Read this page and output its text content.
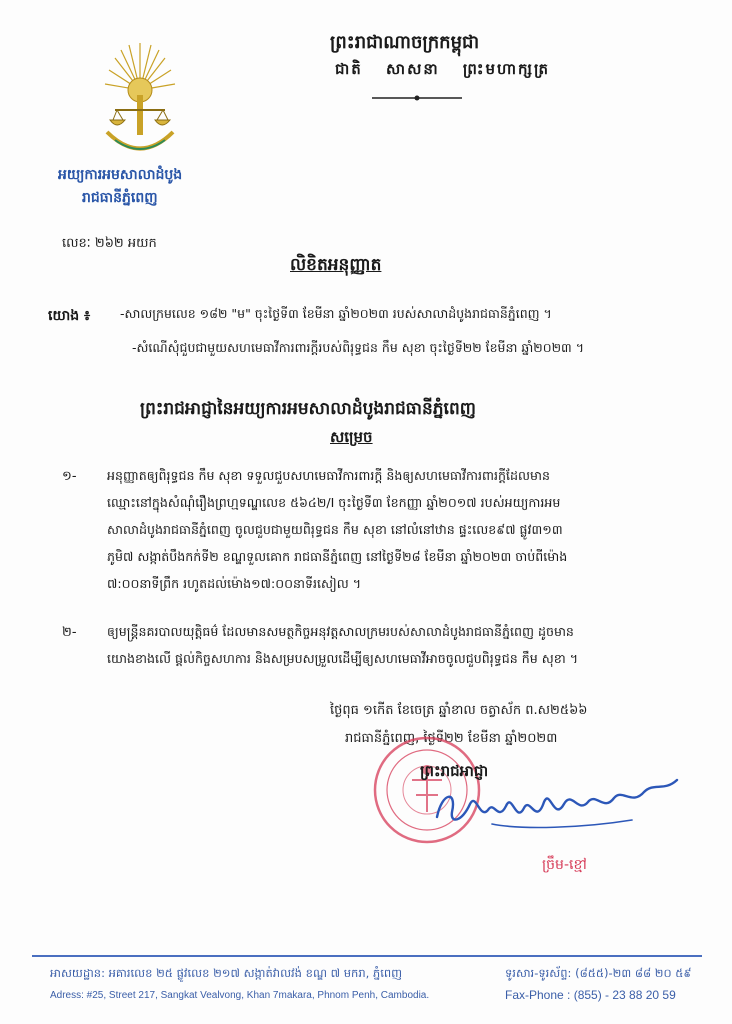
ព្រះរាជាណាចក្រកម្ពុជា
ជាតិ សាសនា ព្រះមហាក្សត្រ
អយ្យការអមសាលាដំបូង
រាជធានីភ្នំពេញ
លេខៈ ២៦២ អយក
លិខិតអនុញ្ញាត
យោង ៖ -សាលក្រមលេខ ១៨២ "ម" ចុះថ្ងៃទី៣ ខែមីនា ឆ្នាំ២០២៣ របស់សាលាដំបូងរាជធានីភ្នំពេញ ។
-សំណើសុំជួបជាមួយសហមេធាវីការពារក្តីរបស់ពិរុទ្ធជន កឹម សុខា ចុះថ្ងៃទី២២ ខែមីនា ឆ្នាំ២០២៣ ។
ព្រះរាជអាជ្ញានៃអយ្យការអមសាលាដំបូងរាជធានីភ្នំពេញ
សម្រេច
១- អនុញ្ញាតឲ្យពិរុទ្ធជន កឹម សុខា ទទួលជួបសហមេធាវីការពារក្តី និងឲ្យសហមេធាវីការពារក្តីដែលមាន
ឈ្មោះនៅក្នុងសំណុំរឿងព្រហ្មទណ្ឌលេខ ៥៦៤២/I ចុះថ្ងៃទី៣ ខែកញ្ញា ឆ្នាំ២០១៧ របស់អយ្យការអម
សាលាដំបូងរាជធានីភ្នំពេញ ចូលជួបជាមួយពិរុទ្ធជន កឹម សុខា នៅលំនៅឋាន ផ្ទះលេខ៩៧ ផ្លូវ៣១៣
ភូមិ៧ សង្កាត់បឹងកក់ទី២ ខណ្ឌទួលគោក រាជធានីភ្នំពេញ នៅថ្ងៃទី២៨ ខែមីនា ឆ្នាំ២០២៣ ចាប់ពីម៉ោង
៧:០០នាទីព្រឹក រហូតដល់ម៉ោង១៧:០០នាទីរសៀល ។
២- ឲ្យមន្ត្រីនគរបាលយុត្តិធម៌ ដែលមានសមត្ថកិច្ចអនុវត្តសាលក្រមរបស់សាលាដំបូងរាជធានីភ្នំពេញ ដូចមាន
យោងខាងលើ ផ្តល់កិច្ចសហការ និងសម្របសម្រួលដើម្បីឲ្យសហមេធាវីអាចចូលជួបពិរុទ្ធជន កឹម សុខា ។
ថ្ងៃពុធ ១កើត ខែចេត្រ ឆ្នាំខាល ចត្វាស័ក ព.ស២៥៦៦
រាជធានីភ្នំពេញ, ថ្ងៃទី២២ ខែមីនា ឆ្នាំ២០២៣
ព្រះរាជអាជ្ញា
ច្រឹម-ខ្មៅ
អាសយដ្ឋាន: អគារលេខ ២៥ ផ្លូវលេខ ២១៧ សង្កាត់វាលវង់ ខណ្ឌ ៧ មករា, ភ្នំពេញ
Adress: #25, Street 217, Sangkat Vealvong, Khan 7makara, Phnom Penh, Cambodia.
ទូរសារ-ទូរស័ព្ទ: (៨៥៥)-២៣ ៨៨ ២០ ៥៩
Fax-Phone : (855) - 23 88 20 59
